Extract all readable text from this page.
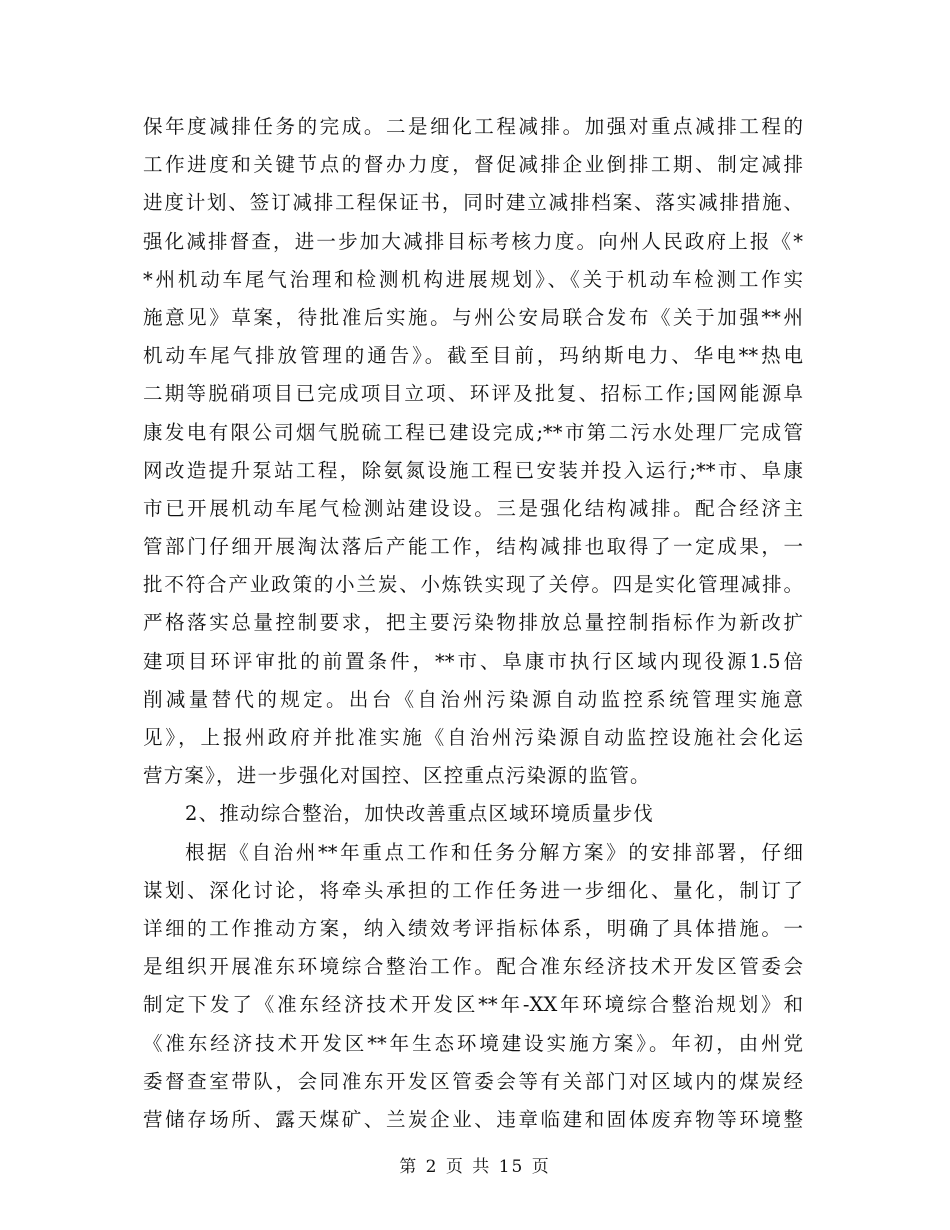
保年度减排任务的完成。二是细化工程减排。加强对重点减排工程的
工作进度和关键节点的督办力度，督促减排企业倒排工期、制定减排
进度计划、签订减排工程保证书，同时建立减排档案、落实减排措施、
强化减排督查，进一步加大减排目标考核力度。向州人民政府上报《*
*州机动车尾气治理和检测机构进展规划》、《关于机动车检测工作实
施意见》草案，待批准后实施。与州公安局联合发布《关于加强**州
机动车尾气排放管理的通告》。截至目前，玛纳斯电力、华电**热电
二期等脱硝项目已完成项目立项、环评及批复、招标工作;国网能源阜
康发电有限公司烟气脱硫工程已建设完成;**市第二污水处理厂完成管
网改造提升泵站工程，除氨氮设施工程已安装并投入运行;**市、阜康
市已开展机动车尾气检测站建设设。三是强化结构减排。配合经济主
管部门仔细开展淘汰落后产能工作，结构减排也取得了一定成果，一
批不符合产业政策的小兰炭、小炼铁实现了关停。四是实化管理减排。
严格落实总量控制要求，把主要污染物排放总量控制指标作为新改扩
建项目环评审批的前置条件，**市、阜康市执行区域内现役源1.5倍
削减量替代的规定。出台《自治州污染源自动监控系统管理实施意
见》，上报州政府并批准实施《自治州污染源自动监控设施社会化运
营方案》，进一步强化对国控、区控重点污染源的监管。
2、推动综合整治，加快改善重点区域环境质量步伐
根据《自治州**年重点工作和任务分解方案》的安排部署，仔细
谋划、深化讨论，将牵头承担的工作任务进一步细化、量化，制订了
详细的工作推动方案，纳入绩效考评指标体系，明确了具体措施。一
是组织开展准东环境综合整治工作。配合准东经济技术开发区管委会
制定下发了《准东经济技术开发区**年-XX年环境综合整治规划》和
《准东经济技术开发区**年生态环境建设实施方案》。年初，由州党
委督查室带队，会同准东开发区管委会等有关部门对区域内的煤炭经
营储存场所、露天煤矿、兰炭企业、违章临建和固体废弃物等环境整
第 2 页 共 15 页
